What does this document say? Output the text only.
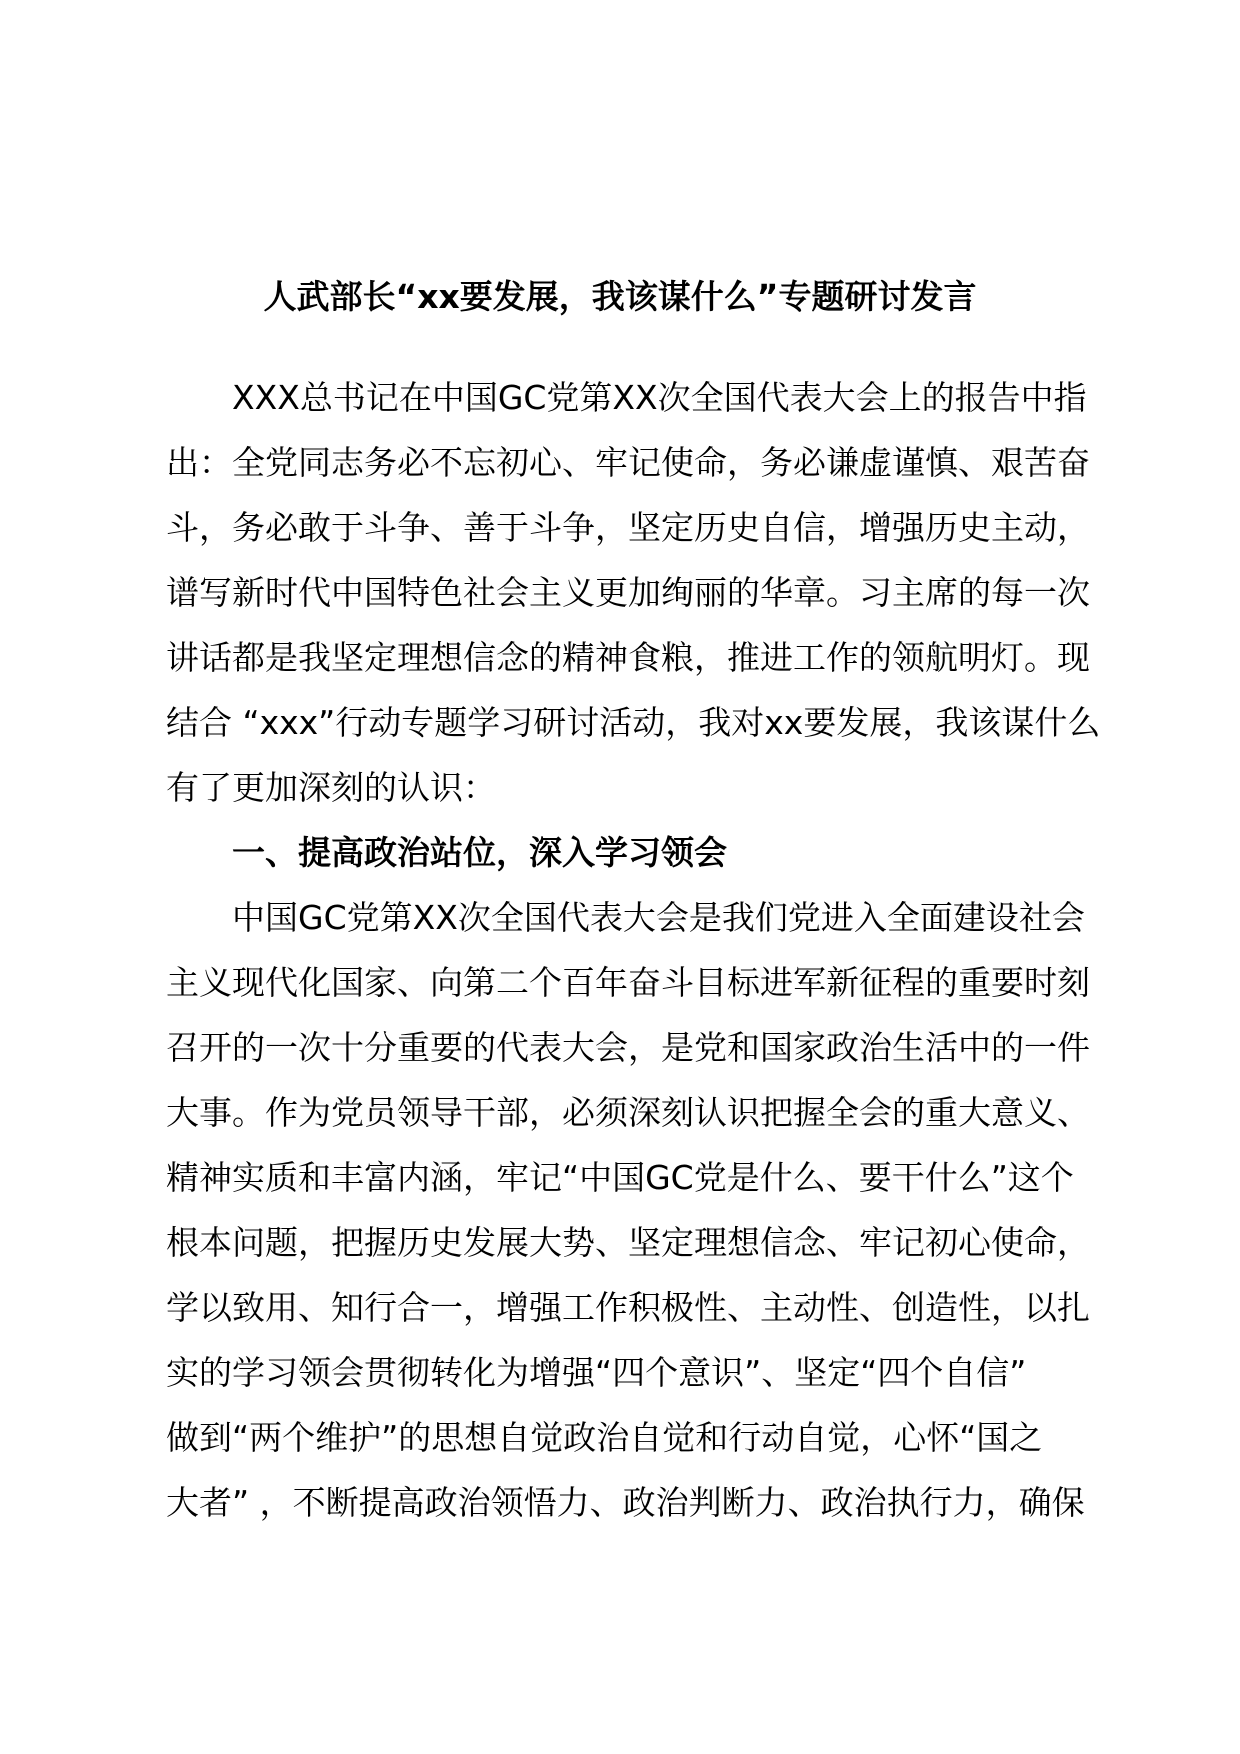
人武部长“xx要发展，我该谋什么”专题研讨发言
XXX总书记在中国GC党第XX次全国代表大会上的报告中指
出：全党同志务必不忘初心、牢记使命，务必谦虚谨慎、艰苦奋
斗，务必敢于斗争、善于斗争，坚定历史自信，增强历史主动，
谱写新时代中国特色社会主义更加绚丽的华章。习主席的每一次
讲话都是我坚定理想信念的精神食粮，推进工作的领航明灯。现
结合 “xxx”行动专题学习研讨活动，我对xx要发展，我该谋什么
有了更加深刻的认识：
一、提高政治站位，深入学习领会
中国GC党第XX次全国代表大会是我们党进入全面建设社会
主义现代化国家、向第二个百年奋斗目标进军新征程的重要时刻
召开的一次十分重要的代表大会，是党和国家政治生活中的一件
大事。作为党员领导干部，必须深刻认识把握全会的重大意义、
精神实质和丰富内涵，牢记“中国GC党是什么、要干什么”这个
根本问题，把握历史发展大势、坚定理想信念、牢记初心使命，
学以致用、知行合一，增强工作积极性、主动性、创造性，以扎
实的学习领会贯彻转化为增强“四个意识”、坚定“四个自信”
做到“两个维护”的思想自觉政治自觉和行动自觉，心怀“国之
大者” ，不断提高政治领悟力、政治判断力、政治执行力，确保
